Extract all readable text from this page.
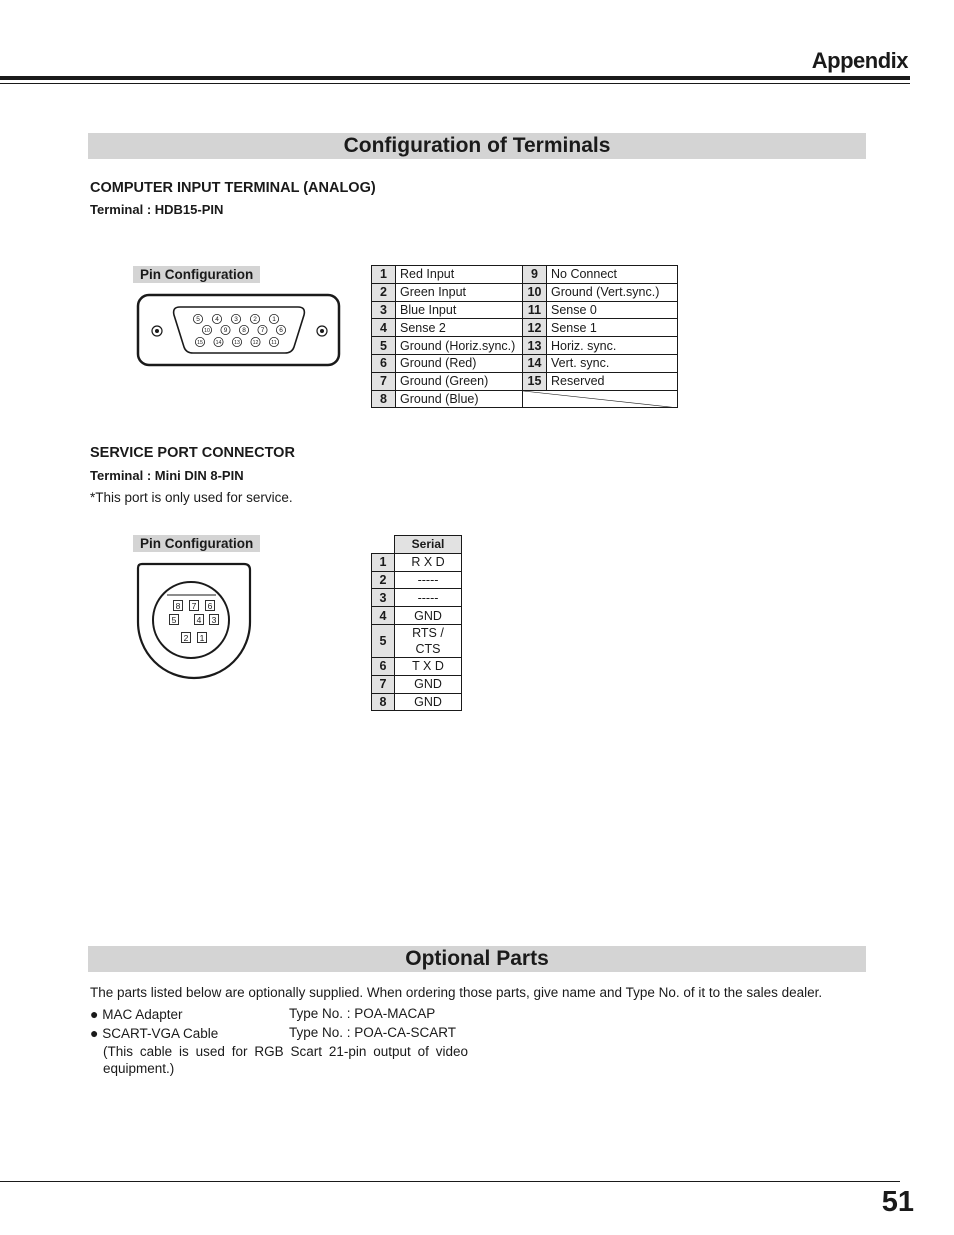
Appendix
Configuration of Terminals
COMPUTER INPUT TERMINAL (ANALOG)
Terminal : HDB15-PIN
Pin Configuration
5 4 3 2 1
10 9 8 7 6
15 14 13 12 11
1	Red Input	9	No Connect
2	Green Input	10	Ground (Vert.sync.)
3	Blue Input	11	Sense 0
4	Sense 2	12	Sense 1
5	Ground (Horiz.sync.)	13	Horiz. sync.
6	Ground (Red)	14	Vert. sync.
7	Ground (Green)	15	Reserved
8	Ground (Blue)	
SERVICE PORT CONNECTOR
Terminal : Mini DIN 8-PIN
*This port is only used for service.
Pin Configuration
8 7 6
5 4 3
2 1
	Serial
1	R X D
2	-----
3	-----
4	GND
5	RTS / CTS
6	T X D
7	GND
8	GND
Optional Parts
The parts listed below are optionally supplied. When ordering those parts, give name and Type No. of it to the sales dealer.
● MAC Adapter	Type No. : POA-MACAP
● SCART-VGA Cable	Type No. : POA-CA-SCART
(This cable is used for RGB Scart 21-pin output of video
equipment.)
51
